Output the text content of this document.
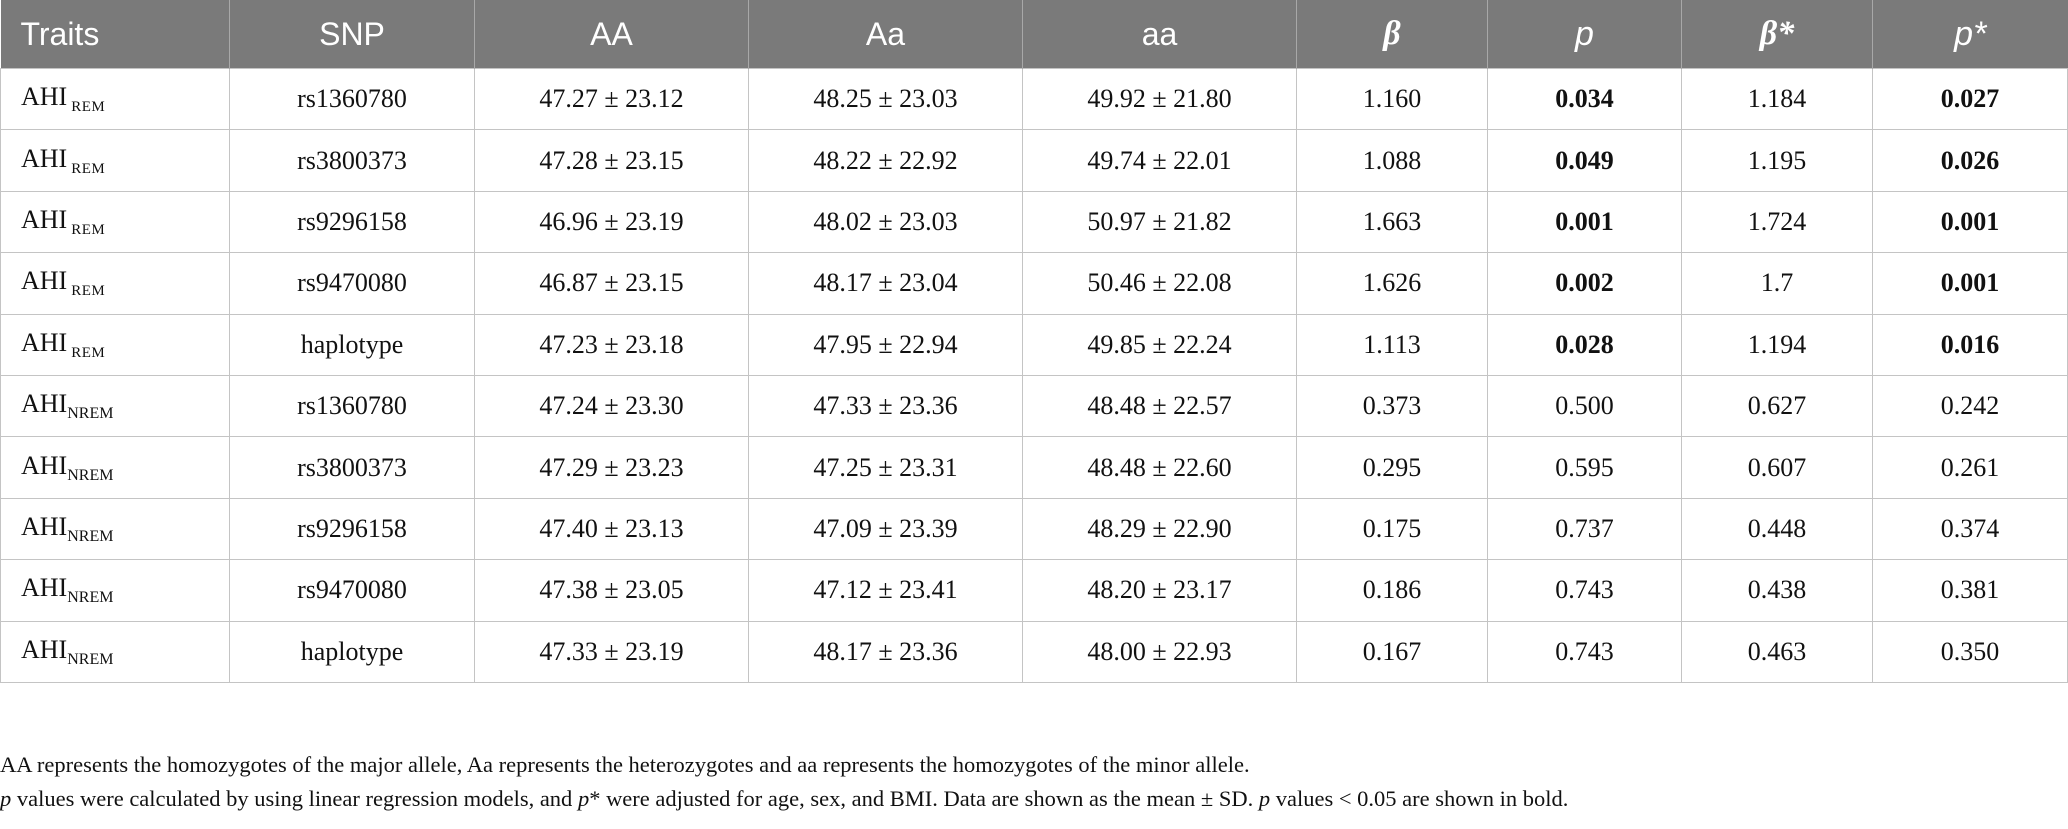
Traits	SNP	AA	Aa	aa	β	p	β*	p*
AHI $_{REM}$	rs1360780	47.27 ± 23.12	48.25 ± 23.03	49.92 ± 21.80	1.160	0.034	1.184	0.027
AHI $_{REM}$	rs3800373	47.28 ± 23.15	48.22 ± 22.92	49.74 ± 22.01	1.088	0.049	1.195	0.026
AHI $_{REM}$	rs9296158	46.96 ± 23.19	48.02 ± 23.03	50.97 ± 21.82	1.663	0.001	1.724	0.001
AHI $_{REM}$	rs9470080	46.87 ± 23.15	48.17 ± 23.04	50.46 ± 22.08	1.626	0.002	1.7	0.001
AHI $_{REM}$	haplotype	47.23 ± 23.18	47.95 ± 22.94	49.85 ± 22.24	1.113	0.028	1.194	0.016
$AHI_{NREM}$	rs1360780	47.24 ± 23.30	47.33 ± 23.36	48.48 ± 22.57	0.373	0.500	0.627	0.242
$AHI_{NREM}$	rs3800373	47.29 ± 23.23	47.25 ± 23.31	48.48 ± 22.60	0.295	0.595	0.607	0.261
$AHI_{NREM}$	rs9296158	47.40 ± 23.13	47.09 ± 23.39	48.29 ± 22.90	0.175	0.737	0.448	0.374
$AHI_{NREM}$	rs9470080	47.38 ± 23.05	47.12 ± 23.41	48.20 ± 23.17	0.186	0.743	0.438	0.381
$AHI_{NREM}$	haplotype	47.33 ± 23.19	48.17 ± 23.36	48.00 ± 22.93	0.167	0.743	0.463	0.350

AA represents the homozygotes of the major allele, Aa represents the heterozygotes and aa represents the homozygotes of the minor allele.

p values were calculated by using linear regression models, and p* were adjusted for age, sex, and BMI. Data are shown as the mean ± SD. p values < 0.05 are shown in bold.
